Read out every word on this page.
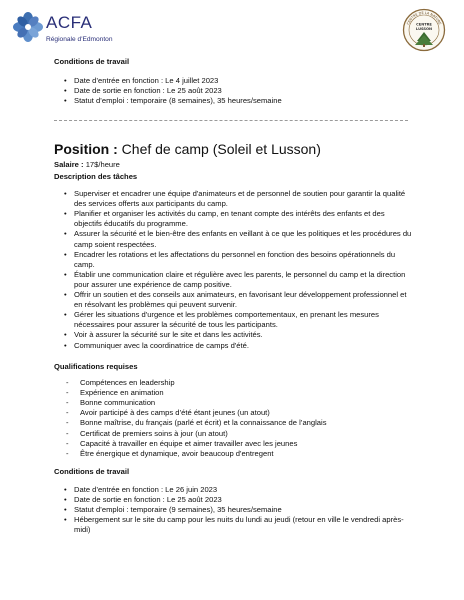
ACFA
Régionale d'Edmonton
CENTRE DE LA NATURE
CENTRE
LUSSON

Conditions de travail

• Date d’entrée en fonction : Le 4 juillet 2023
• Date de sortie en fonction : Le 25 août 2023
• Statut d’emploi : temporaire (8 semaines), 35 heures/semaine
Position : Chef de camp (Soleil et Lusson)
Salaire : 17$/heure

Description des tâches

• Superviser et encadrer une équipe d'animateurs et de personnel de soutien pour garantir la qualité des services offerts aux participants du camp.
• Planifier et organiser les activités du camp, en tenant compte des intérêts des enfants et des objectifs éducatifs du programme.
• Assurer la sécurité et le bien-être des enfants en veillant à ce que les politiques et les procédures du camp soient respectées.
• Encadrer les rotations et les affectations du personnel en fonction des besoins opérationnels du camp.
• Établir une communication claire et régulière avec les parents, le personnel du camp et la direction pour assurer une expérience de camp positive.
• Offrir un soutien et des conseils aux animateurs, en favorisant leur développement professionnel et en résolvant les problèmes qui peuvent survenir.
• Gérer les situations d'urgence et les problèmes comportementaux, en prenant les mesures nécessaires pour assurer la sécurité de tous les participants.
• Voir à assurer la sécurité sur le site et dans les activités.
• Communiquer avec la coordinatrice de camps d'été.

Qualifications requises

- Compétences en leadership
- Expérience en animation
- Bonne communication
- Avoir participé à des camps d’été étant jeunes (un atout)
- Bonne maîtrise, du français (parlé et écrit) et la connaissance de l’anglais
- Certificat de premiers soins à jour (un atout)
- Capacité à travailler en équipe et aimer travailler avec les jeunes
- Être énergique et dynamique, avoir beaucoup d'entregent

Conditions de travail

• Date d’entrée en fonction : Le 26 juin 2023
• Date de sortie en fonction : Le 25 août 2023
• Statut d’emploi : temporaire (9 semaines), 35 heures/semaine
• Hébergement sur le site du camp pour les nuits du lundi au jeudi (retour en ville le vendredi après-midi)
